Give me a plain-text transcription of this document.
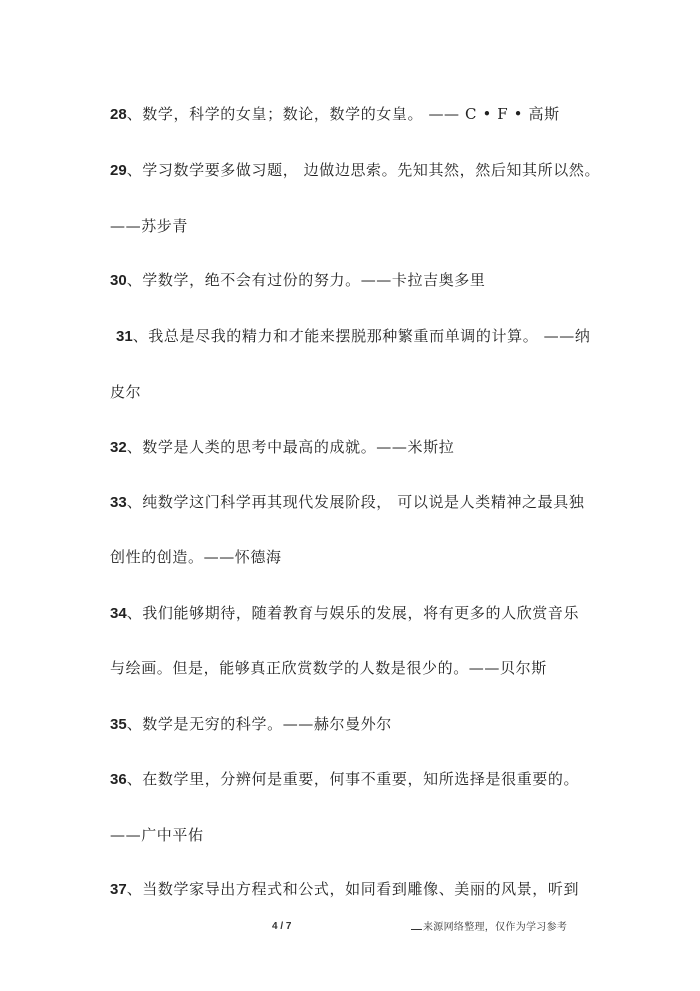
28、数学，科学的女皇；数论，数学的女皇。 —— C • F • 高斯
29、学习数学要多做习题， 边做边思索。先知其然，然后知其所以然。
——苏步青
30、学数学，绝不会有过份的努力。——卡拉吉奥多里
31、我总是尽我的精力和才能来摆脱那种繁重而单调的计算。 ——纳
皮尔
32、数学是人类的思考中最高的成就。——米斯拉
33、纯数学这门科学再其现代发展阶段， 可以说是人类精神之最具独
创性的创造。——怀德海
34、我们能够期待，随着教育与娱乐的发展，将有更多的人欣赏音乐
与绘画。但是，能够真正欣赏数学的人数是很少的。——贝尔斯
35、数学是无穷的科学。——赫尔曼外尔
36、在数学里，分辨何是重要，何事不重要，知所选择是很重要的。
——广中平佑
37、当数学家导出方程式和公式，如同看到雕像、美丽的风景，听到
4 / 7	来源网络整理，仅作为学习参考
